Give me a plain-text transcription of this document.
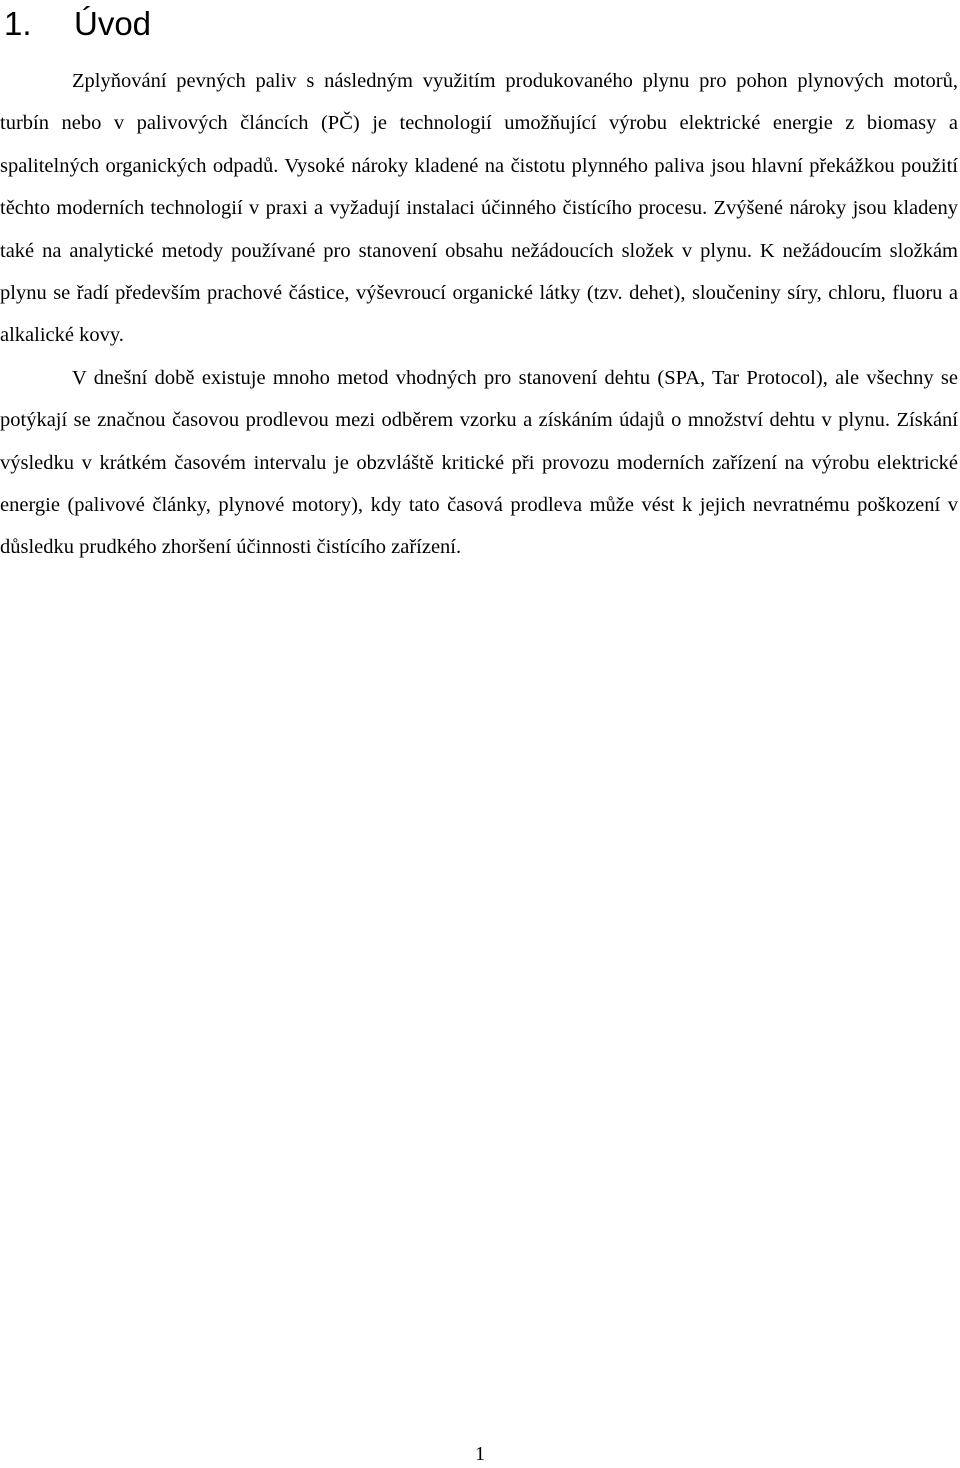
1. Úvod

Zplyňování pevných paliv s následným využitím produkovaného plynu pro pohon plynových motorů, turbín nebo v palivových článcích (PČ) je technologií umožňující výrobu elektrické energie z biomasy a spalitelných organických odpadů. Vysoké nároky kladené na čistotu plynného paliva jsou hlavní překážkou použití těchto moderních technologií v praxi a vyžadují instalaci účinného čistícího procesu. Zvýšené nároky jsou kladeny také na analytické metody používané pro stanovení obsahu nežádoucích složek v plynu. K nežádoucím složkám plynu se řadí především prachové částice, výševroucí organické látky (tzv. dehet), sloučeniny síry, chloru, fluoru a alkalické kovy.

V dnešní době existuje mnoho metod vhodných pro stanovení dehtu (SPA, Tar Protocol), ale všechny se potýkají se značnou časovou prodlevou mezi odběrem vzorku a získáním údajů o množství dehtu v plynu. Získání výsledku v krátkém časovém intervalu je obzvláště kritické při provozu moderních zařízení na výrobu elektrické energie (palivové články, plynové motory), kdy tato časová prodleva může vést k jejich nevratnému poškození v důsledku prudkého zhoršení účinnosti čistícího zařízení.

1
